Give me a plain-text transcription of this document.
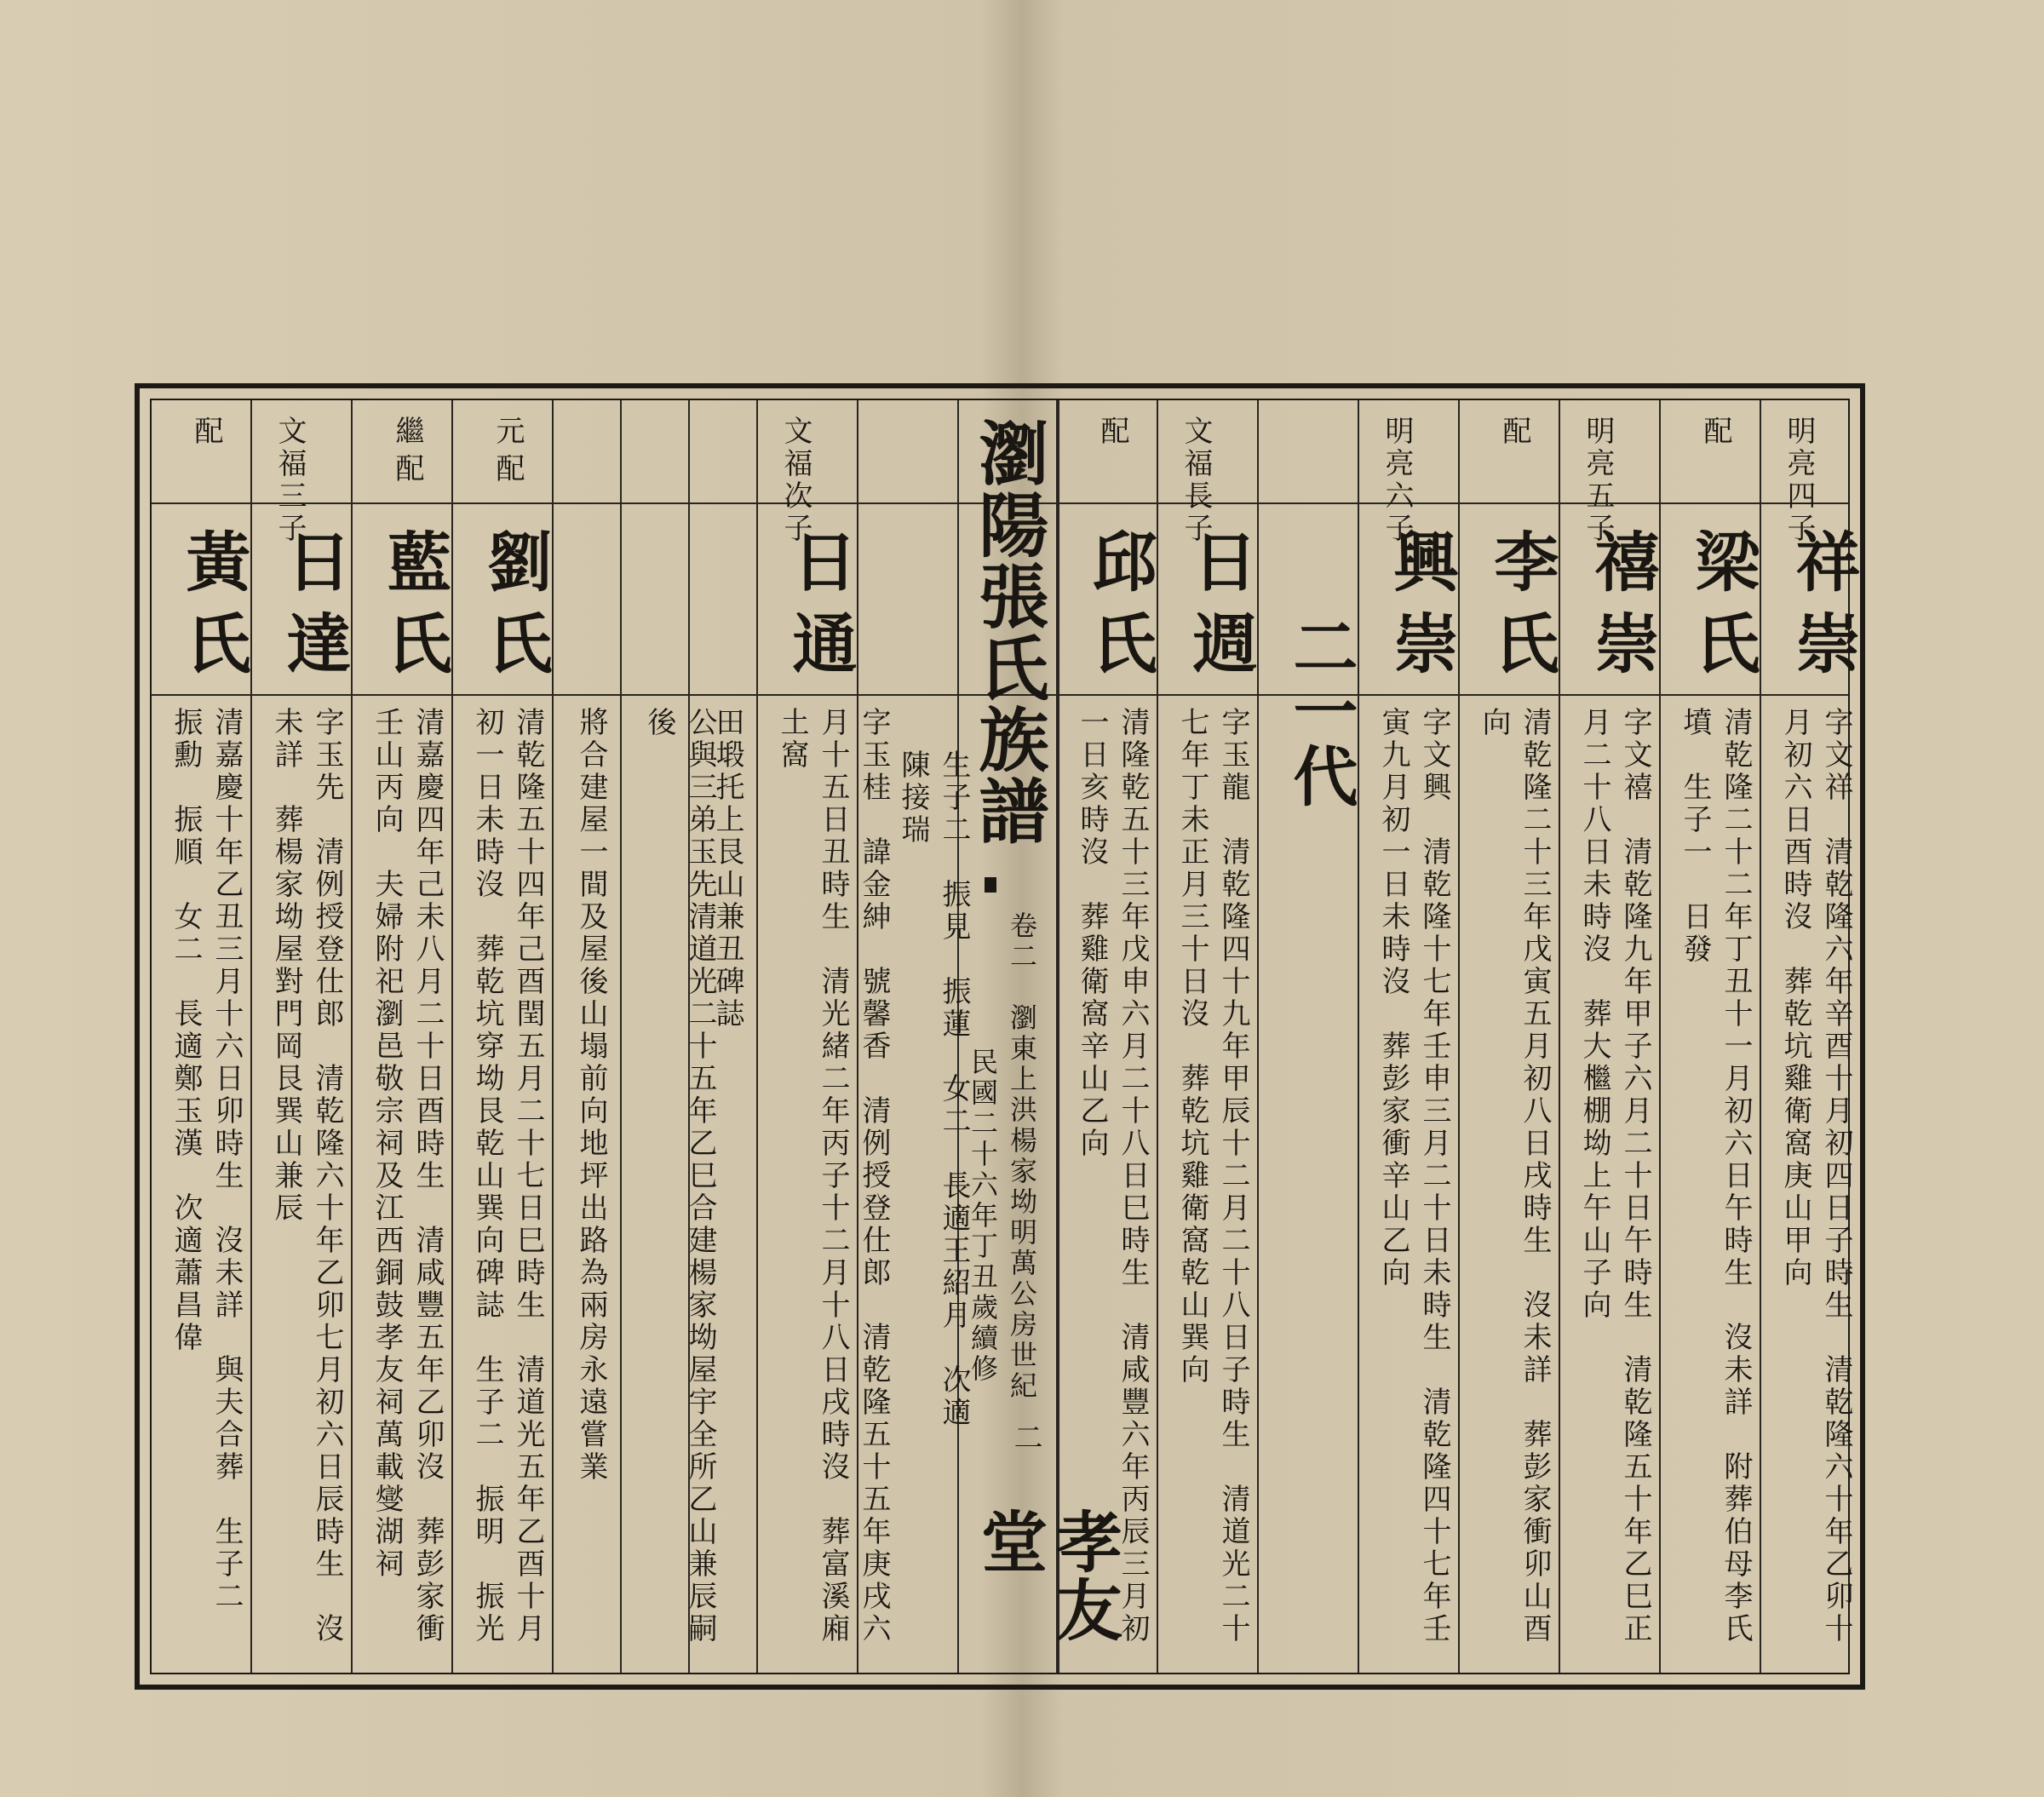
明亮四子
祥崇
字文祥　清乾隆六年辛酉十月初四日子時生　清乾隆六十年乙卯十月初六日酉時沒　葬乾坑雞衛窩庚山甲向
配
梁氏
清乾隆二十二年丁丑十一月初六日午時生　沒未詳　附葬伯母李氏墳　生子一　日發
明亮五子
禧崇
字文禧　清乾隆九年甲子六月二十日午時生　清乾隆五十年乙巳正月二十八日未時沒　葬大檵棚坳上午山子向
配
李氏
清乾隆二十三年戊寅五月初八日戌時生　沒未詳　葬彭家衝卯山酉向
明亮六子
興崇
字文興　清乾隆十七年壬申三月二十日未時生　清乾隆四十七年壬寅九月初一日未時沒　葬彭家衝辛山乙向
二一代
文福長子
日週
字玉龍　清乾隆四十九年甲辰十二月二十八日子時生　清道光二十七年丁未正月三十日沒　葬乾坑雞衛窩乾山巽向
配
邱氏
清隆乾五十三年戊申六月二十八日巳時生　清咸豐六年丙辰三月初一日亥時沒　葬雞衛窩辛山乙向
瀏陽張氏族譜
卷二　瀏東上洪楊家坳明萬公房世紀
民國二十六年丁丑歲續修
二
孝友堂
生子二　振見　振蓮　女二　長適王紹月　次適陳接瑞
文福次子
日通
字玉桂　諱金紳　號馨香　清例授登仕郎　清乾隆五十五年庚戌六月十五日丑時生　清光緒二年丙子十二月十八日戌時沒　葬富溪廂土窩
田塅托上艮山兼丑碑誌
公與三弟玉先清道光二十五年乙巳合建楊家坳屋宇全所乙山兼辰嗣後
將合建屋一間及屋後山塌前向地坪出路為兩房永遠嘗業
元配
劉氏
清乾隆五十四年己酉閏五月二十七日巳時生　清道光五年乙酉十月初一日未時沒　葬乾坑穿坳艮乾山巽向碑誌　生子二　振明　振光
繼配
藍氏
清嘉慶四年己未八月二十日酉時生　清咸豐五年乙卯沒　葬彭家衝壬山丙向　夫婦附祀瀏邑敬宗祠及江西銅鼓孝友祠萬載燮湖祠
文福三子
日達
字玉先　清例授登仕郎　清乾隆六十年乙卯七月初六日辰時生　沒未詳　葬楊家坳屋對門岡艮巽山兼辰
配
黃氏
清嘉慶十年乙丑三月十六日卯時生　沒未詳　與夫合葬　生子二　振勳　振順　女二　長適鄭玉漢　次適蕭昌偉
